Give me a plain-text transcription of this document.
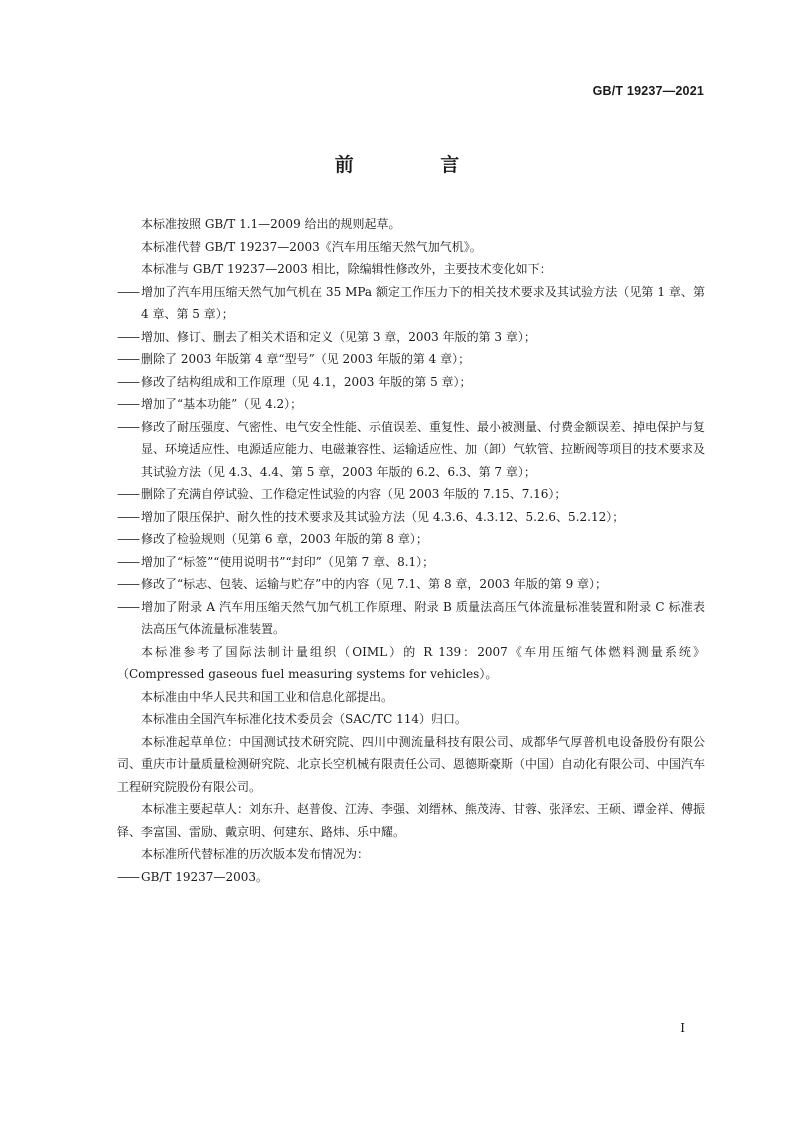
GB/T 19237—2021
前 言

本标准按照 GB/T 1.1—2009 给出的规则起草。

本标准代替 GB/T 19237—2003《汽车用压缩天然气加气机》。

本标准与 GB/T 19237—2003 相比，除编辑性修改外，主要技术变化如下：

—— 增加了汽车用压缩天然气加气机在 35 MPa 额定工作压力下的相关技术要求及其试验方法（见第 1 章、第 4 章、第 5 章）；

—— 增加、修订、删去了相关术语和定义（见第 3 章，2003 年版的第 3 章）；

—— 删除了 2003 年版第 4 章“型号”（见 2003 年版的第 4 章）；

—— 修改了结构组成和工作原理（见 4.1，2003 年版的第 5 章）；

—— 增加了“基本功能”（见 4.2）；

—— 修改了耐压强度、气密性、电气安全性能、示值误差、重复性、最小被测量、付费金额误差、掉电保护与复显、环境适应性、电源适应能力、电磁兼容性、运输适应性、加（卸）气软管、拉断阀等项目的技术要求及其试验方法（见 4.3、4.4、第 5 章，2003 年版的 6.2、6.3、第 7 章）；

—— 删除了充满自停试验、工作稳定性试验的内容（见 2003 年版的 7.15、7.16）；

—— 增加了限压保护、耐久性的技术要求及其试验方法（见 4.3.6、4.3.12、5.2.6、5.2.12）；

—— 修改了检验规则（见第 6 章，2003 年版的第 8 章）；

—— 增加了“标签”“使用说明书”“封印”（见第 7 章、8.1）；

—— 修改了“标志、包装、运输与贮存”中的内容（见 7.1、第 8 章，2003 年版的第 9 章）；

—— 增加了附录 A 汽车用压缩天然气加气机工作原理、附录 B 质量法高压气体流量标准装置和附录 C 标准表法高压气体流量标准装置。

本标准参考了国际法制计量组织（OIML）的 R 139：2007《车用压缩气体燃料测量系统》（Compressed gaseous fuel measuring systems for vehicles）。

本标准由中华人民共和国工业和信息化部提出。

本标准由全国汽车标准化技术委员会（SAC/TC 114）归口。

本标准起草单位：中国测试技术研究院、四川中测流量科技有限公司、成都华气厚普机电设备股份有限公司、重庆市计量质量检测研究院、北京长空机械有限责任公司、恩德斯豪斯（中国）自动化有限公司、中国汽车工程研究院股份有限公司。

本标准主要起草人：刘东升、赵普俊、江涛、李强、刘缙林、熊茂涛、甘蓉、张泽宏、王硕、谭金祥、傅振铎、李富国、雷励、戴京明、何建东、路炜、乐中耀。

本标准所代替标准的历次版本发布情况为：

—— GB/T 19237—2003。

I
